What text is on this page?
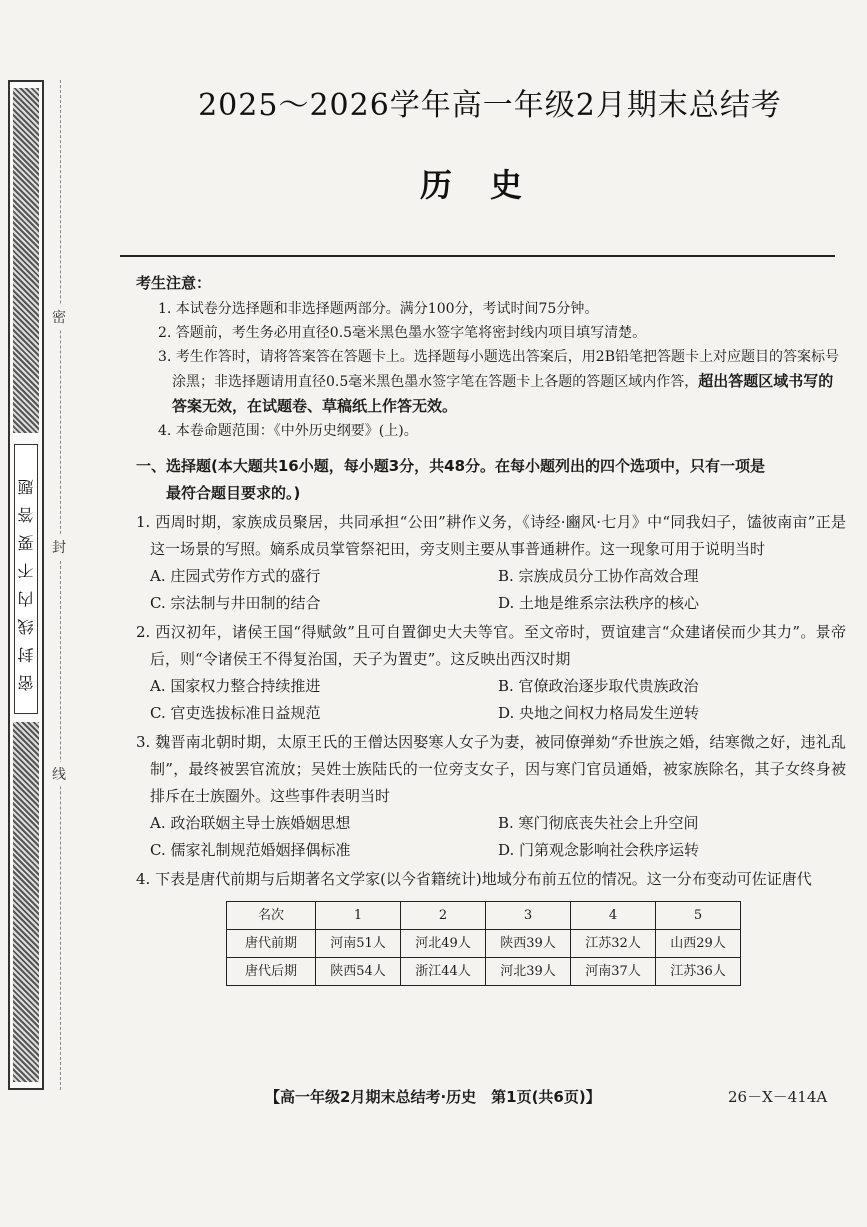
密封线内不要答题
密
封
线
2025～2026学年高一年级2月期末总结考
历史
考生注意：
1. 本试卷分选择题和非选择题两部分。满分100分，考试时间75分钟。
2. 答题前，考生务必用直径0.5毫米黑色墨水签字笔将密封线内项目填写清楚。
3. 考生作答时，请将答案答在答题卡上。选择题每小题选出答案后，用2B铅笔把答题卡上对应题目的答案标号涂黑；非选择题请用直径0.5毫米黑色墨水签字笔在答题卡上各题的答题区域内作答，超出答题区域书写的答案无效，在试题卷、草稿纸上作答无效。
4. 本卷命题范围：《中外历史纲要》(上)。
一、选择题(本大题共16小题，每小题3分，共48分。在每小题列出的四个选项中，只有一项是
最符合题目要求的。)
1. 西周时期，家族成员聚居，共同承担“公田”耕作义务，《诗经·豳风·七月》中“同我妇子，馌彼南亩”正是这一场景的写照。嫡系成员掌管祭祀田，旁支则主要从事普通耕作。这一现象可用于说明当时
A. 庄园式劳作方式的盛行	B. 宗族成员分工协作高效合理
C. 宗法制与井田制的结合	D. 土地是维系宗法秩序的核心
2. 西汉初年，诸侯王国“得赋敛”且可自置御史大夫等官。至文帝时，贾谊建言“众建诸侯而少其力”。景帝后，则“令诸侯王不得复治国，天子为置吏”。这反映出西汉时期
A. 国家权力整合持续推进	B. 官僚政治逐步取代贵族政治
C. 官吏选拔标准日益规范	D. 央地之间权力格局发生逆转
3. 魏晋南北朝时期，太原王氏的王僧达因娶寒人女子为妻，被同僚弹劾“乔世族之婚，结寒微之好，违礼乱制”，最终被罢官流放；吴姓士族陆氏的一位旁支女子，因与寒门官员通婚，被家族除名，其子女终身被排斥在士族圈外。这些事件表明当时
A. 政治联姻主导士族婚姻思想	B. 寒门彻底丧失社会上升空间
C. 儒家礼制规范婚姻择偶标准	D. 门第观念影响社会秩序运转
4. 下表是唐代前期与后期著名文学家(以今省籍统计)地域分布前五位的情况。这一分布变动可佐证唐代
名次	1	2	3	4	5
唐代前期	河南51人	河北49人	陕西39人	江苏32人	山西29人
唐代后期	陕西54人	浙江44人	河北39人	河南37人	江苏36人
【高一年级2月期末总结考·历史　第1页(共6页)】	26－X－414A
